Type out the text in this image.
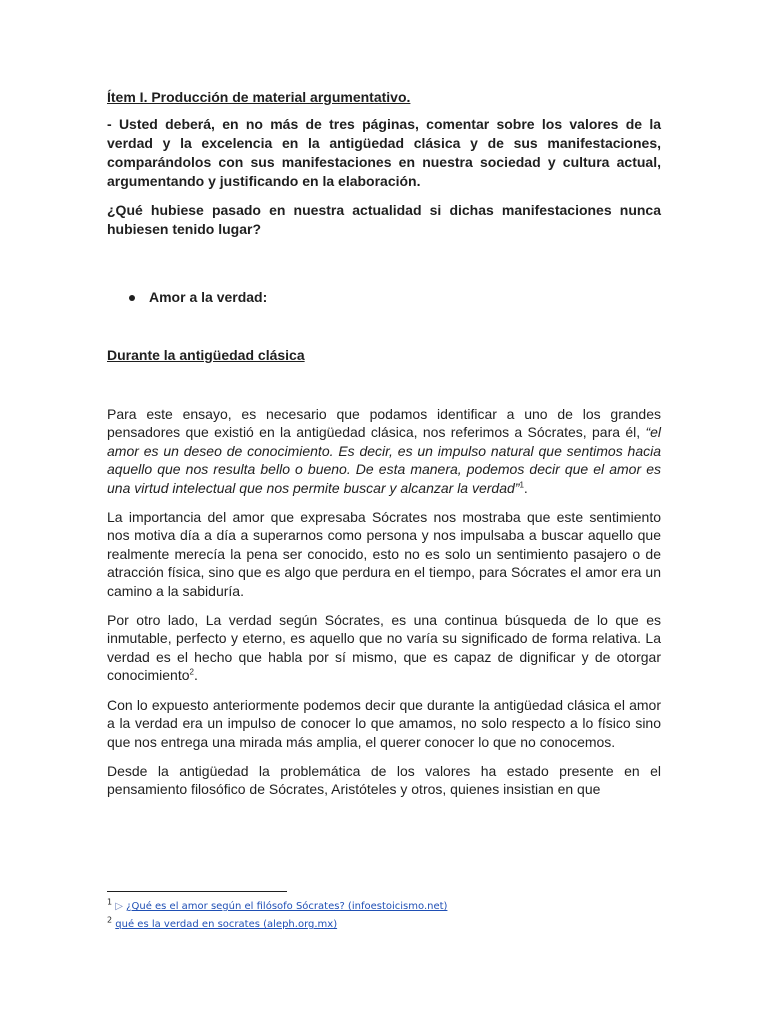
Ítem I. Producción de material argumentativo.
- Usted deberá, en no más de tres páginas, comentar sobre los valores de la verdad y la excelencia en la antigüedad clásica y de sus manifestaciones, comparándolos con sus manifestaciones en nuestra sociedad y cultura actual, argumentando y justificando en la elaboración.
¿Qué hubiese pasado en nuestra actualidad si dichas manifestaciones nunca hubiesen tenido lugar?
Amor a la verdad:
Durante la antigüedad clásica

Para este ensayo, es necesario que podamos identificar a uno de los grandes pensadores que existió en la antigüedad clásica, nos referimos a Sócrates, para él, “el amor es un deseo de conocimiento. Es decir, es un impulso natural que sentimos hacia aquello que nos resulta bello o bueno. De esta manera, podemos decir que el amor es una virtud intelectual que nos permite buscar y alcanzar la verdad”$^1$.

La importancia del amor que expresaba Sócrates nos mostraba que este sentimiento nos motiva día a día a superarnos como persona y nos impulsaba a buscar aquello que realmente merecía la pena ser conocido, esto no es solo un sentimiento pasajero o de atracción física, sino que es algo que perdura en el tiempo, para Sócrates el amor era un camino a la sabiduría.

Por otro lado, La verdad según Sócrates, es una continua búsqueda de lo que es inmutable, perfecto y eterno, es aquello que no varía su significado de forma relativa. La verdad es el hecho que habla por sí mismo, que es capaz de dignificar y de otorgar conocimiento$^2$.

Con lo expuesto anteriormente podemos decir que durante la antigüedad clásica el amor a la verdad era un impulso de conocer lo que amamos, no solo respecto a lo físico sino que nos entrega una mirada más amplia, el querer conocer lo que no conocemos.

Desde la antigüedad la problemática de los valores ha estado presente en el pensamiento filosófico de Sócrates, Aristóteles y otros, quienes insistian en que

$^1$ ▷ ¿Qué es el amor según el filósofo Sócrates? (infoestoicismo.net)
$^2$ qué es la verdad en socrates (aleph.org.mx)
